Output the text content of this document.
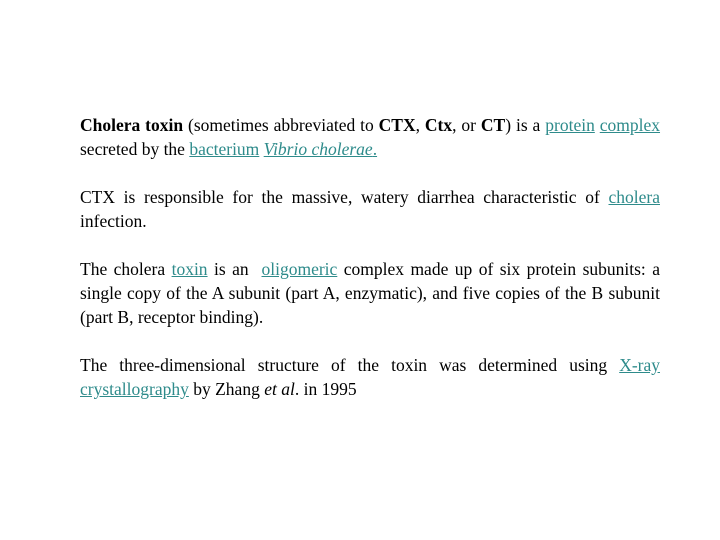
Cholera toxin (sometimes abbreviated to CTX, Ctx, or CT) is a protein complex secreted by the bacterium Vibrio cholerae.

CTX is responsible for the massive, watery diarrhea characteristic of cholera infection.

The cholera toxin is an  oligomeric complex made up of six protein subunits: a single copy of the A subunit (part A, enzymatic), and five copies of the B subunit (part B, receptor binding).

The three-dimensional structure of the toxin was determined using X-ray crystallography by Zhang et al. in 1995
